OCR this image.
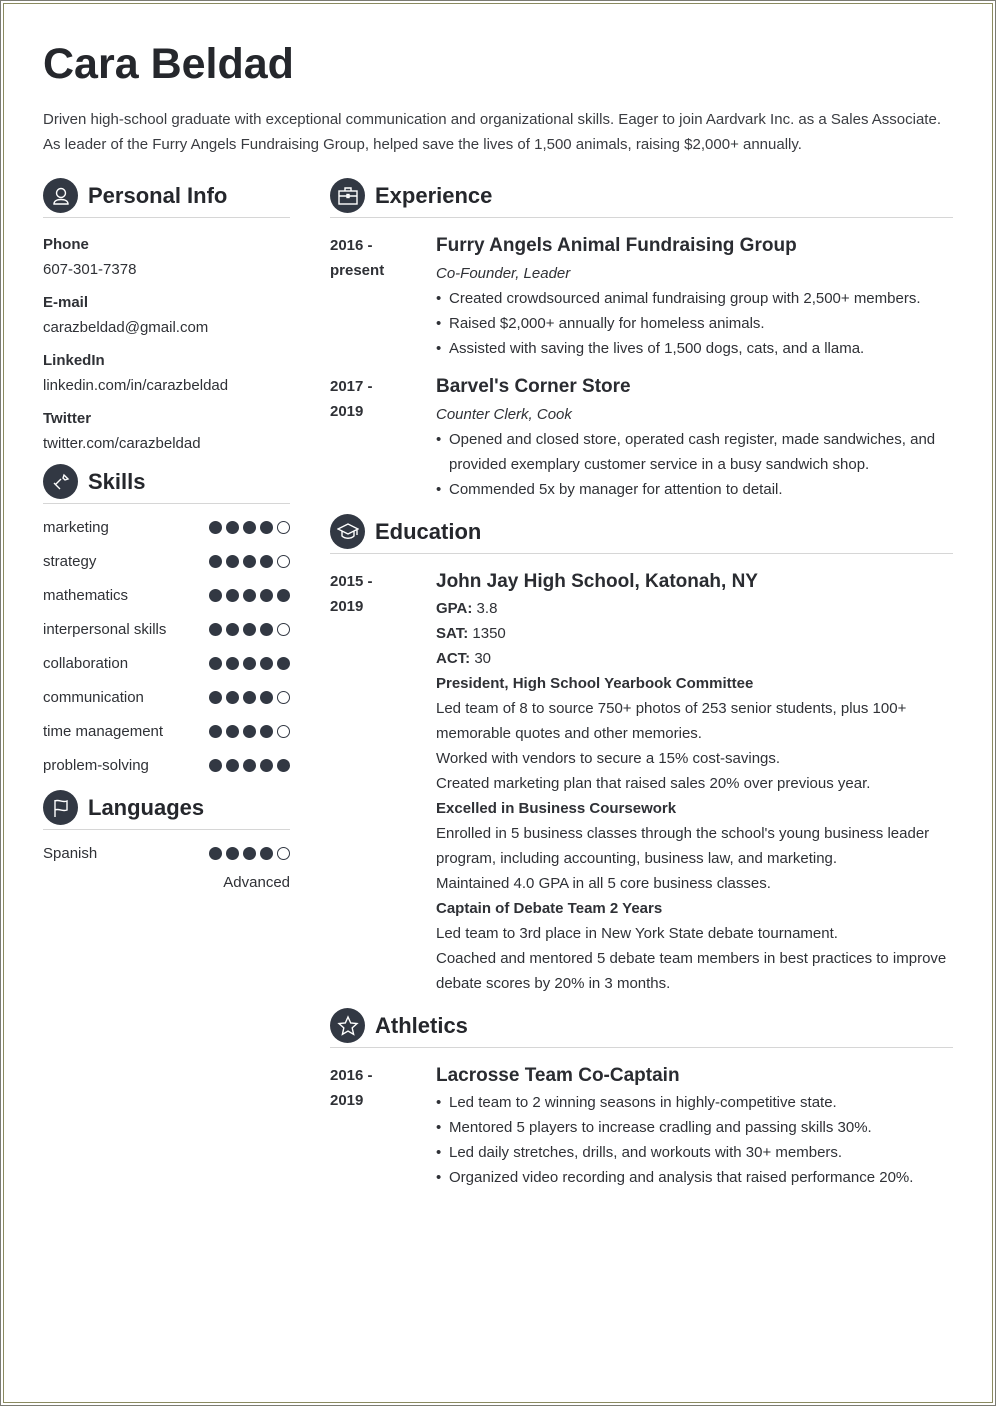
Cara Beldad

Driven high-school graduate with exceptional communication and organizational skills. Eager to join Aardvark Inc. as a Sales Associate. As leader of the Furry Angels Fundraising Group, helped save the lives of 1,500 animals, raising $2,000+ annually.

Personal Info
Phone
607-301-7378
E-mail
carazbeldad@gmail.com
LinkedIn
linkedin.com/in/carazbeldad
Twitter
twitter.com/carazbeldad
Skills
marketing
strategy
mathematics
interpersonal skills
collaboration
communication
time management
problem-solving
Languages
Spanish
Advanced
Experience
2016 -
present
Furry Angels Animal Fundraising Group
Co-Founder, Leader
• Created crowdsourced animal fundraising group with 2,500+ members.
• Raised $2,000+ annually for homeless animals.
• Assisted with saving the lives of 1,500 dogs, cats, and a llama.
2017 -
2019
Barvel's Corner Store
Counter Clerk, Cook
• Opened and closed store, operated cash register, made sandwiches, and provided exemplary customer service in a busy sandwich shop.
• Commended 5x by manager for attention to detail.
Education
2015 -
2019
John Jay High School, Katonah, NY
GPA: 3.8
SAT: 1350
ACT: 30
President, High School Yearbook Committee
Led team of 8 to source 750+ photos of 253 senior students, plus 100+ memorable quotes and other memories.
Worked with vendors to secure a 15% cost-savings.
Created marketing plan that raised sales 20% over previous year.
Excelled in Business Coursework
Enrolled in 5 business classes through the school's young business leader program, including accounting, business law, and marketing.
Maintained 4.0 GPA in all 5 core business classes.
Captain of Debate Team 2 Years
Led team to 3rd place in New York State debate tournament.
Coached and mentored 5 debate team members in best practices to improve debate scores by 20% in 3 months.
Athletics
2016 -
2019
Lacrosse Team Co-Captain
• Led team to 2 winning seasons in highly-competitive state.
• Mentored 5 players to increase cradling and passing skills 30%.
• Led daily stretches, drills, and workouts with 30+ members.
• Organized video recording and analysis that raised performance 20%.
